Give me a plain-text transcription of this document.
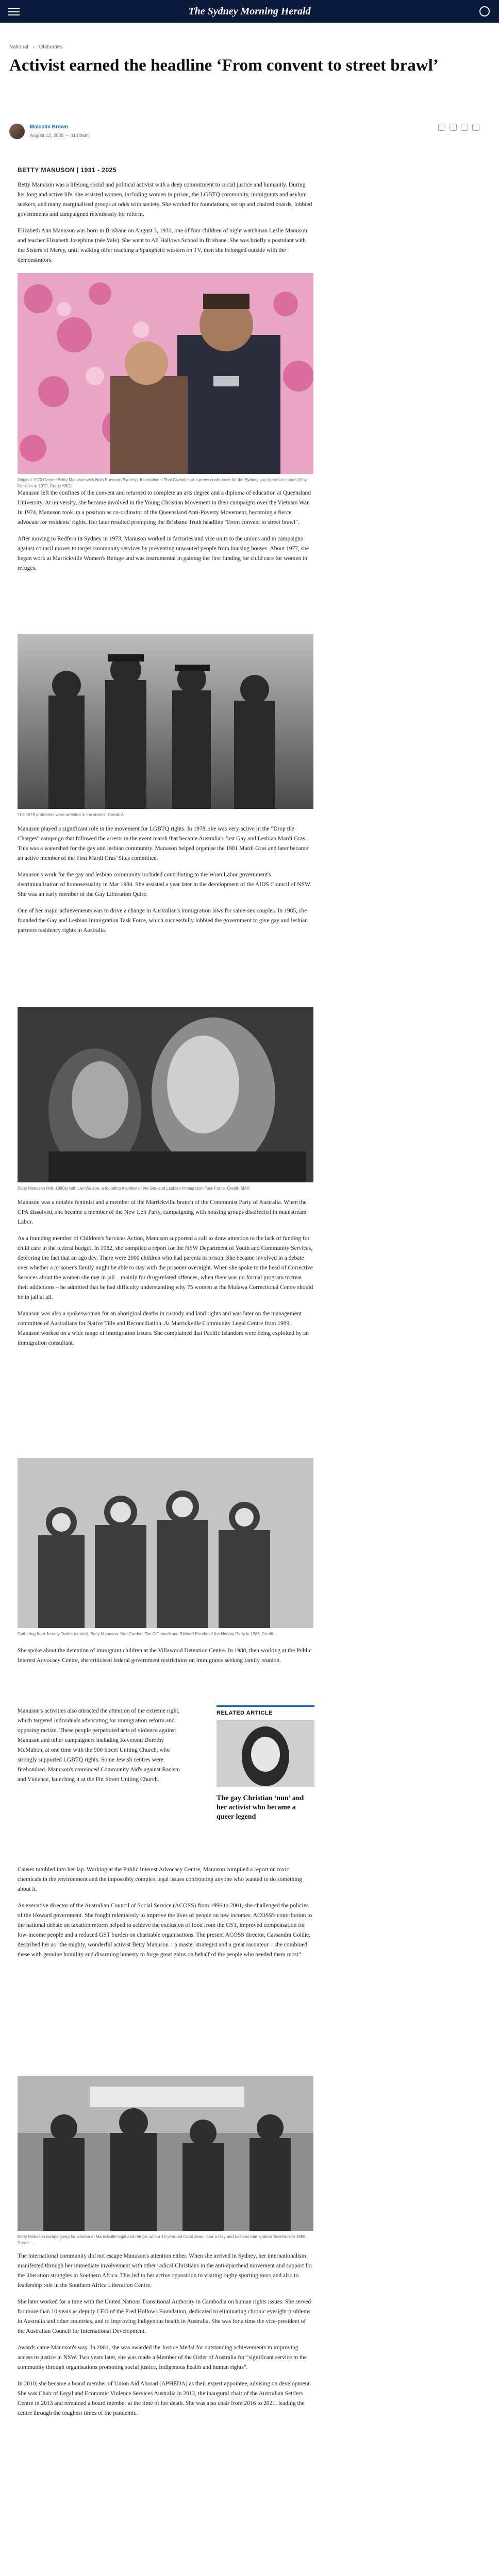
The Sydney Morning Herald
National › Obituaries
Activist earned the headline ‘From convent to street brawl’
Malcolm Brown
August 12, 2025 — 11:00am
BETTY MANUSON | 1931 - 2025

Betty Manuson was a lifelong social and political activist with a deep commitment to social justice and humanity. During her long and active life, she assisted women, including women in prison, the LGBTQ community, immigrants and asylum seekers, and many marginalised groups at odds with society. She worked for foundations, set up and chaired boards, lobbied governments and campaigned relentlessly for reform.

Elizabeth Ann Manuson was born in Brisbane on August 3, 1931, one of four children of night watchman Leslie Manuson and teacher Elizabeth Josephine (née Vale). She went to All Hallows School in Brisbane. She was briefly a postulant with the Sisters of Mercy, until walking offer teaching a Spanghetti western on TV, then she belonged outside with the demonstrators.

Original 1970 Gender Betty Manuson with Nola Pursson (Sydney). International Thai Ciwbake, at a press conference for the Sydney gay liberation march (Gay Families in 1972, Credit ABC)

Manuson left the confines of the convent and returned to complete an arts degree and a diploma of education at Queensland University. At university, she became involved in the Young Christian Movement in their campaigns over the Vietnam War. In 1974, Manuson took up a position as co-ordinator of the Queensland Anti-Poverty Movement, becoming a fierce advocate for residents' rights. Her later resulted prompting the Brisbane Truth headline "From convent to street brawl".

After moving to Redfern in Sydney in 1973, Manuson worked in factories and vice units to the unions and in campaigns against council moves to target community services by preventing unwanted people from housing houses. About 1977, she began work at Marrickville Women's Refuge and was instrumental in gaining the first funding for child care for women in refuges.

The 1978 protesters were arrested in the streets. Credit: A

Manuson played a significant role in the movement for LGBTQ rights. In 1978, she was very active in the "Drop the Charges" campaign that followed the arrests in the event marsh that became Australia's first Gay and Lesbian Mardi Gras. This was a watershed for the gay and lesbian community. Manuson helped organise the 1981 Mardi Gras and later became an active member of the First Mardi Gras' Sites committee.

Manuson's work for the gay and lesbian community included contributing to the Wran Labor government's decriminalisation of homosexuality in Mar 1984. She assisted a year later in the development of the AIDS Council of NSW. She was an early member of the Gay Liberation Quire.

One of her major achievements was to drive a change in Australian's immigration laws for same-sex couples. In 1985, she founded the Gay and Lesbian Immigration Task Force, which successfully lobbied the government to give gay and lesbian partners residency rights in Australia.

Betty Manuson (left, 1980s) with Lex Watson, a founding member of the Gay and Lesbian Immigration Task Force. Credit: SMH

Manuson was a notable feminist and a member of the Marrickville branch of the Communist Party of Australia. When the CPA dissolved, she became a member of the New Left Party, campaigning with housing groups disaffected in mainstream Labor.

As a founding member of Children's Services Action, Manuson supported a call to draw attention to the lack of funding for child care in the federal budget. In 1982, she compiled a report for the NSW Department of Youth and Community Services, deploring the fact that an ago dev. There were 2000 children who had parents in prison. She became involved in a debate over whether a prisoner's family might be able to stay with the prisoner overnight. When she spoke to the head of Corrective Services about the women she met in jail – mainly for drug-related offences, when there was no formal program to treat their addictions – he admitted that he had difficulty understanding why 75 women at the Mulawa Correctional Centre should be in jail at all.

Manuson was also a spokeswoman for an aboriginal deaths in custody and land rights and was later on the management committee of Australians for Native Title and Reconciliation. At Marrickville Community Legal Centre from 1989, Manuson worked on a wide range of immigration issues. She complained that Pacific Islanders were being exploited by an immigration consultant.

Gathering from Jeremy Tuckie (centre), Betty Manuson, Kari Gordon, Tim O'Donnell and Richard Rourke of the Hendry Party in 1986. Credit: -

She spoke about the detention of immigrant children at the Villawood Detention Centre. In 1988, then working at the Public Interest Advocacy Centre, she criticised federal government restrictions on immigrants seeking family reunion.

Manuson's activities also attracted the attention of the extreme right, which targeted individuals advocating for immigration reform and opposing racism. These people perpetrated acts of violence against Manuson and other campaigners including Reverend Dorothy McMahon, at one time with the 900 Street Uniting Church, who strongly supported LGBTQ rights. Some Jewish centres were firebombed. Manuson's convinced Community Aid's against Racism and Violence, launching it at the Pitt Street Uniting Church.

Causes tumbled into her lap. Working at the Public Interest Advocacy Centre, Manuson compiled a report on toxic chemicals in the environment and the impossibly complex legal issues confronting anyone who wanted to do something about it.

As executive director of the Australian Council of Social Service (ACOSS) from 1996 to 2001, she challenged the policies of the Howard government. She fought relentlessly to improve the lives of people on low incomes. ACOSS's contribution to the national debate on taxation reform helped to achieve the exclusion of food from the GST, improved compensation for low-income people and a reduced GST burden on charitable organisations. The present ACOSS director, Cassandra Goldie, described her as "the mighty, wonderful activist Betty Manuson – a master strategist and a great raconteur – she combined these with genuine humility and disarming honesty to forge great gains on behalf of the people who needed them most".

RELATED ARTICLE
The gay Christian ‘nun’ and her activist who became a queer legend
Betty Manuson campaigning for women at Marrickville legal and refuge, with a 15-year-old Carol Jean, later a Gay and Lesbian Immigration Taskforce in 1986. Credit: —

The international community did not escape Manuson's attention either. When she arrived in Sydney, her internationalism manifested through her immediate involvement with other radical Christians in the anti-apartheid movement and support for the liberation struggles in Southern Africa. This led to her active opposition to visiting rugby sporting tours and also to leadership role in the Southern Africa Liberation Centre.

She later worked for a time with the United Nations Transitional Authority in Cambodia on human rights issues. She served for more than 10 years as deputy CEO of the Fred Hollows Foundation, dedicated to eliminating chronic eyesight problems in Australia and other countries, and to improving Indigenous health in Australia. She was for a time the vice-president of the Australian Council for International Development.

Awards came Manuson's way. In 2001, she was awarded the Justice Medal for outstanding achievements in improving access to justice in NSW. Two years later, she was made a Member of the Order of Australia for "significant service to the community through organisations promoting social justice, Indigenous health and human rights".

In 2010, she became a board member of Union Aid Abroad (APHEDA) as their expert appointee, advising on development. She was Chair of Legal and Economic Violence Services Australia in 2012, the inaugural chair of the Australian Settlers Centre in 2013 and remained a board member at the time of her death. She was also chair from 2016 to 2021, leading the centre through the toughest times of the pandemic.
